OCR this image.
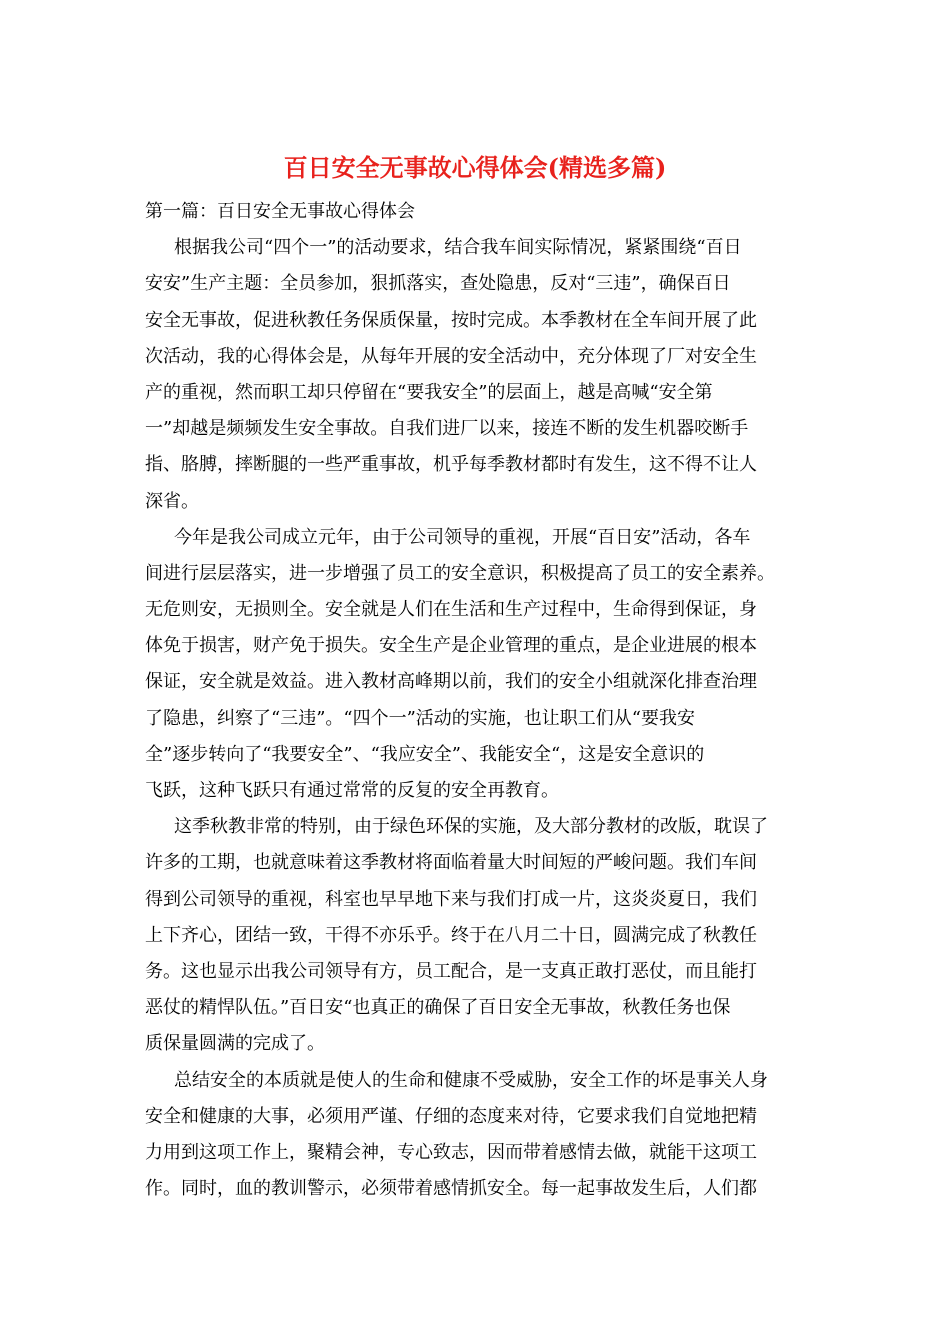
百日安全无事故心得体会(精选多篇)
第一篇：百日安全无事故心得体会
根据我公司“四个一”的活动要求，结合我车间实际情况，紧紧围绕“百日
安安”生产主题：全员参加，狠抓落实，查处隐患，反对“三违”，确保百日
安全无事故，促进秋教任务保质保量，按时完成。本季教材在全车间开展了此
次活动，我的心得体会是，从每年开展的安全活动中，充分体现了厂对安全生
产的重视，然而职工却只停留在“要我安全”的层面上，越是高喊“安全第
一”却越是频频发生安全事故。自我们进厂以来，接连不断的发生机器咬断手
指、胳膊，摔断腿的一些严重事故，机乎每季教材都时有发生，这不得不让人
深省。
今年是我公司成立元年，由于公司领导的重视，开展“百日安”活动，各车
间进行层层落实，进一步增强了员工的安全意识，积极提高了员工的安全素养。
无危则安，无损则全。安全就是人们在生活和生产过程中，生命得到保证，身
体免于损害，财产免于损失。安全生产是企业管理的重点，是企业进展的根本
保证，安全就是效益。进入教材高峰期以前，我们的安全小组就深化排查治理
了隐患，纠察了“三违”。“四个一”活动的实施，也让职工们从“要我安
全”逐步转向了“我要安全”、“我应安全”、我能安全“，这是安全意识的
飞跃，这种飞跃只有通过常常的反复的安全再教育。
这季秋教非常的特别，由于绿色环保的实施，及大部分教材的改版，耽误了
许多的工期，也就意味着这季教材将面临着量大时间短的严峻问题。我们车间
得到公司领导的重视，科室也早早地下来与我们打成一片，这炎炎夏日，我们
上下齐心，团结一致，干得不亦乐乎。终于在八月二十日，圆满完成了秋教任
务。这也显示出我公司领导有方，员工配合，是一支真正敢打恶仗，而且能打
恶仗的精悍队伍。”百日安“也真正的确保了百日安全无事故，秋教任务也保
质保量圆满的完成了。
总结安全的本质就是使人的生命和健康不受威胁，安全工作的坏是事关人身
安全和健康的大事，必须用严谨、仔细的态度来对待，它要求我们自觉地把精
力用到这项工作上，聚精会神，专心致志，因而带着感情去做，就能干这项工
作。同时，血的教训警示，必须带着感情抓安全。每一起事故发生后，人们都
